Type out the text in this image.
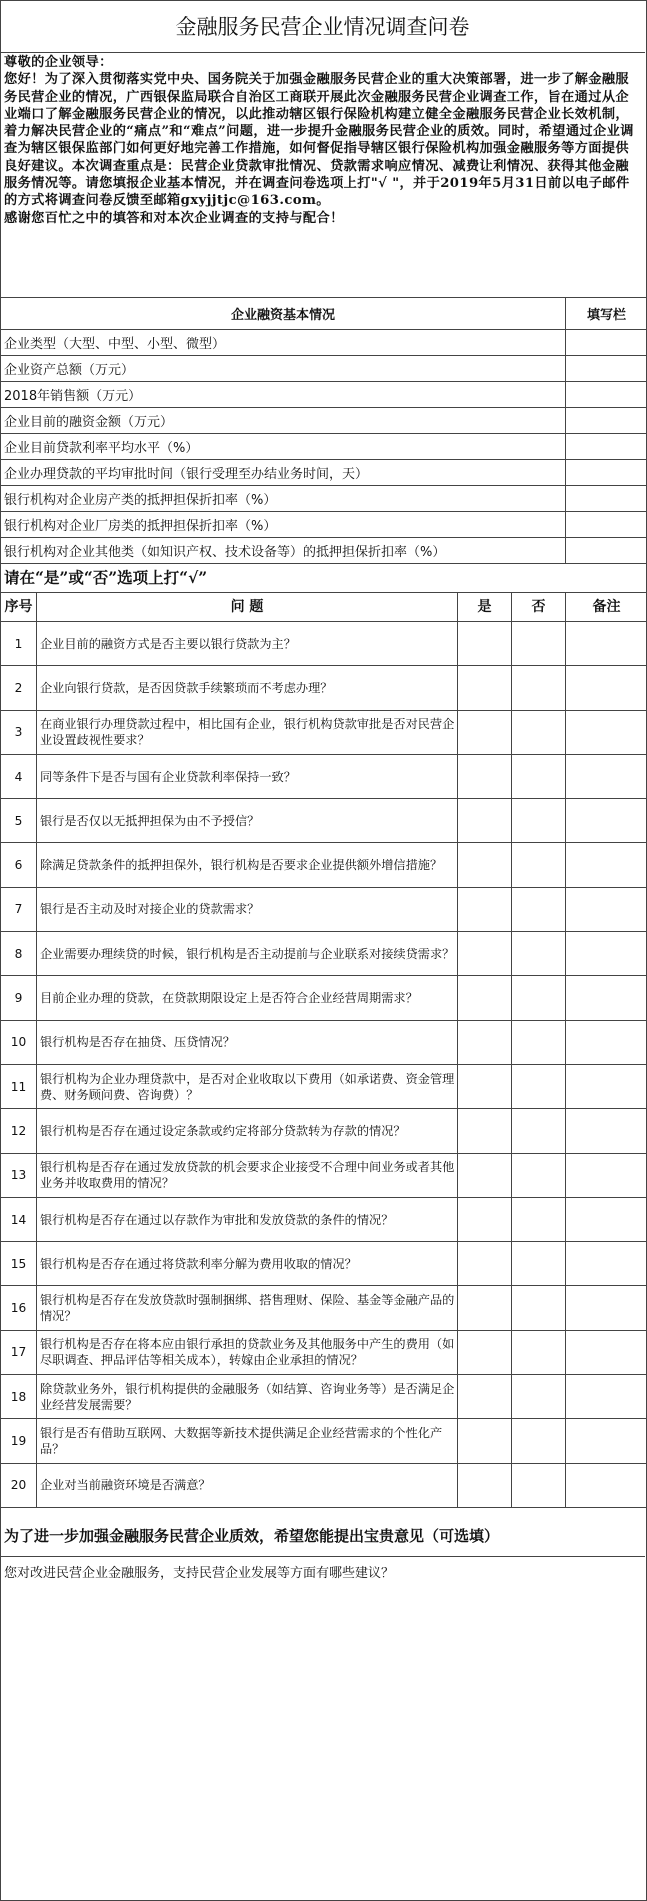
金融服务民营企业情况调查问卷

尊敬的企业领导：

您好！为了深入贯彻落实党中央、国务院关于加强金融服务民营企业的重大决策部署，进一步了解金融服务民营企业的情况，广西银保监局联合自治区工商联开展此次金融服务民营企业调查工作，旨在通过从企业端口了解金融服务民营企业的情况，以此推动辖区银行保险机构建立健全金融服务民营企业长效机制，着力解决民营企业的“痛点”和“难点”问题，进一步提升金融服务民营企业的质效。同时，希望通过企业调查为辖区银保监部门如何更好地完善工作措施，如何督促指导辖区银行保险机构加强金融服务等方面提供良好建议。本次调查重点是：民营企业贷款审批情况、贷款需求响应情况、减费让利情况、获得其他金融服务情况等。请您填报企业基本情况，并在调查问卷选项上打"√ "，并于2019年5月31日前以电子邮件的方式将调查问卷反馈至邮箱gxyjjtjc@163.com。

感谢您百忙之中的填答和对本次企业调查的支持与配合！

企业融资基本情况	填写栏
企业类型（大型、中型、小型、微型）	
企业资产总额（万元）	
2018年销售额（万元）	
企业目前的融资金额（万元）	
企业目前贷款利率平均水平（%）	
企业办理贷款的平均审批时间（银行受理至办结业务时间，天）	
银行机构对企业房产类的抵押担保折扣率（%）	
银行机构对企业厂房类的抵押担保折扣率（%）	
银行机构对企业其他类（如知识产权、技术设备等）的抵押担保折扣率（%）	
请在“是”或“否”选项上打“√”
序号	问 题	是	否	备注
1	企业目前的融资方式是否主要以银行贷款为主？			
2	企业向银行贷款，是否因贷款手续繁琐而不考虑办理？			
3	在商业银行办理贷款过程中，相比国有企业，银行机构贷款审批是否对民营企业设置歧视性要求？			
4	同等条件下是否与国有企业贷款利率保持一致？			
5	银行是否仅以无抵押担保为由不予授信？			
6	除满足贷款条件的抵押担保外，银行机构是否要求企业提供额外增信措施？			
7	银行是否主动及时对接企业的贷款需求？			
8	企业需要办理续贷的时候，银行机构是否主动提前与企业联系对接续贷需求？			
9	目前企业办理的贷款，在贷款期限设定上是否符合企业经营周期需求？			
10	银行机构是否存在抽贷、压贷情况？			
11	银行机构为企业办理贷款中，是否对企业收取以下费用（如承诺费、资金管理费、财务顾问费、咨询费）？			
12	银行机构是否存在通过设定条款或约定将部分贷款转为存款的情况？			
13	银行机构是否存在通过发放贷款的机会要求企业接受不合理中间业务或者其他业务并收取费用的情况？			
14	银行机构是否存在通过以存款作为审批和发放贷款的条件的情况？			
15	银行机构是否存在通过将贷款利率分解为费用收取的情况？			
16	银行机构是否存在发放贷款时强制捆绑、搭售理财、保险、基金等金融产品的情况？			
17	银行机构是否存在将本应由银行承担的贷款业务及其他服务中产生的费用（如尽职调查、押品评估等相关成本），转嫁由企业承担的情况？			
18	除贷款业务外，银行机构提供的金融服务（如结算、咨询业务等）是否满足企业经营发展需要？			
19	银行是否有借助互联网、大数据等新技术提供满足企业经营需求的个性化产品？			
20	企业对当前融资环境是否满意？			
为了进一步加强金融服务民营企业质效，希望您能提出宝贵意见（可选填）
您对改进民营企业金融服务，支持民营企业发展等方面有哪些建议？
